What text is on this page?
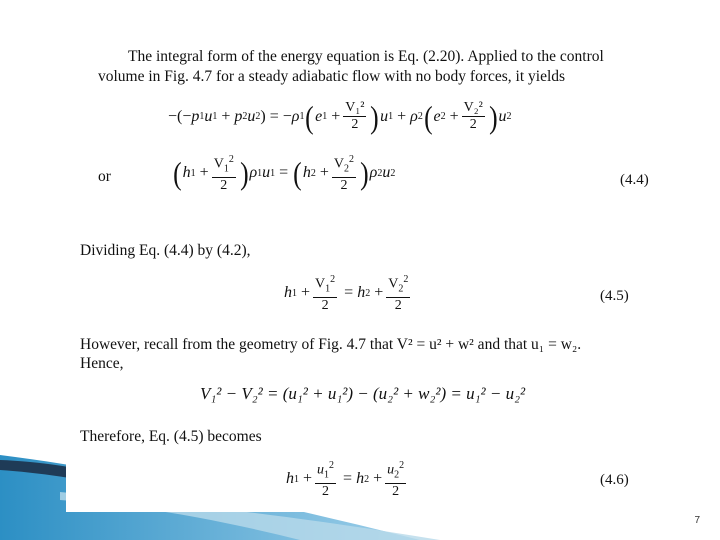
The integral form of the energy equation is Eq. (2.20). Applied to the control
volume in Fig. 4.7 for a steady adiabatic flow with no body forces, it yields
−(− p 1 u 1
+
p 2 u 2 ) = − ρ 1 ( e 1
+ $\frac{\text{V₁²}}{2}$ ) u 1
+
ρ 2 ( e $2 + \frac{\text{V₂²}}{2}$ ) u 2
or ( h $1 + \frac{V_1^2}{2}$ ) ρ 1 u 1
=
( h $2 + \frac{V_2^2}{2}$ ) ρ 2 u 2	(4.4)
Dividing Eq. (4.4) by (4.2),
h $1 + \frac{V_1^2}{2} = h$ $2 + \frac{V_2^2}{2}$	(4.5)
However, recall from the geometry of Fig. 4.7 that V² = u² + w² and that u₁ = w₂.
Hence,
V₁² − V₂² = (u₁² + u₁²) − (u₂² + w₂²) = u₁² − u₂²
Therefore, Eq. (4.5) becomes
h $1 + \frac{u_1^2}{2} = h$ $2 + \frac{u_2^2}{2}$	(4.6)
7
